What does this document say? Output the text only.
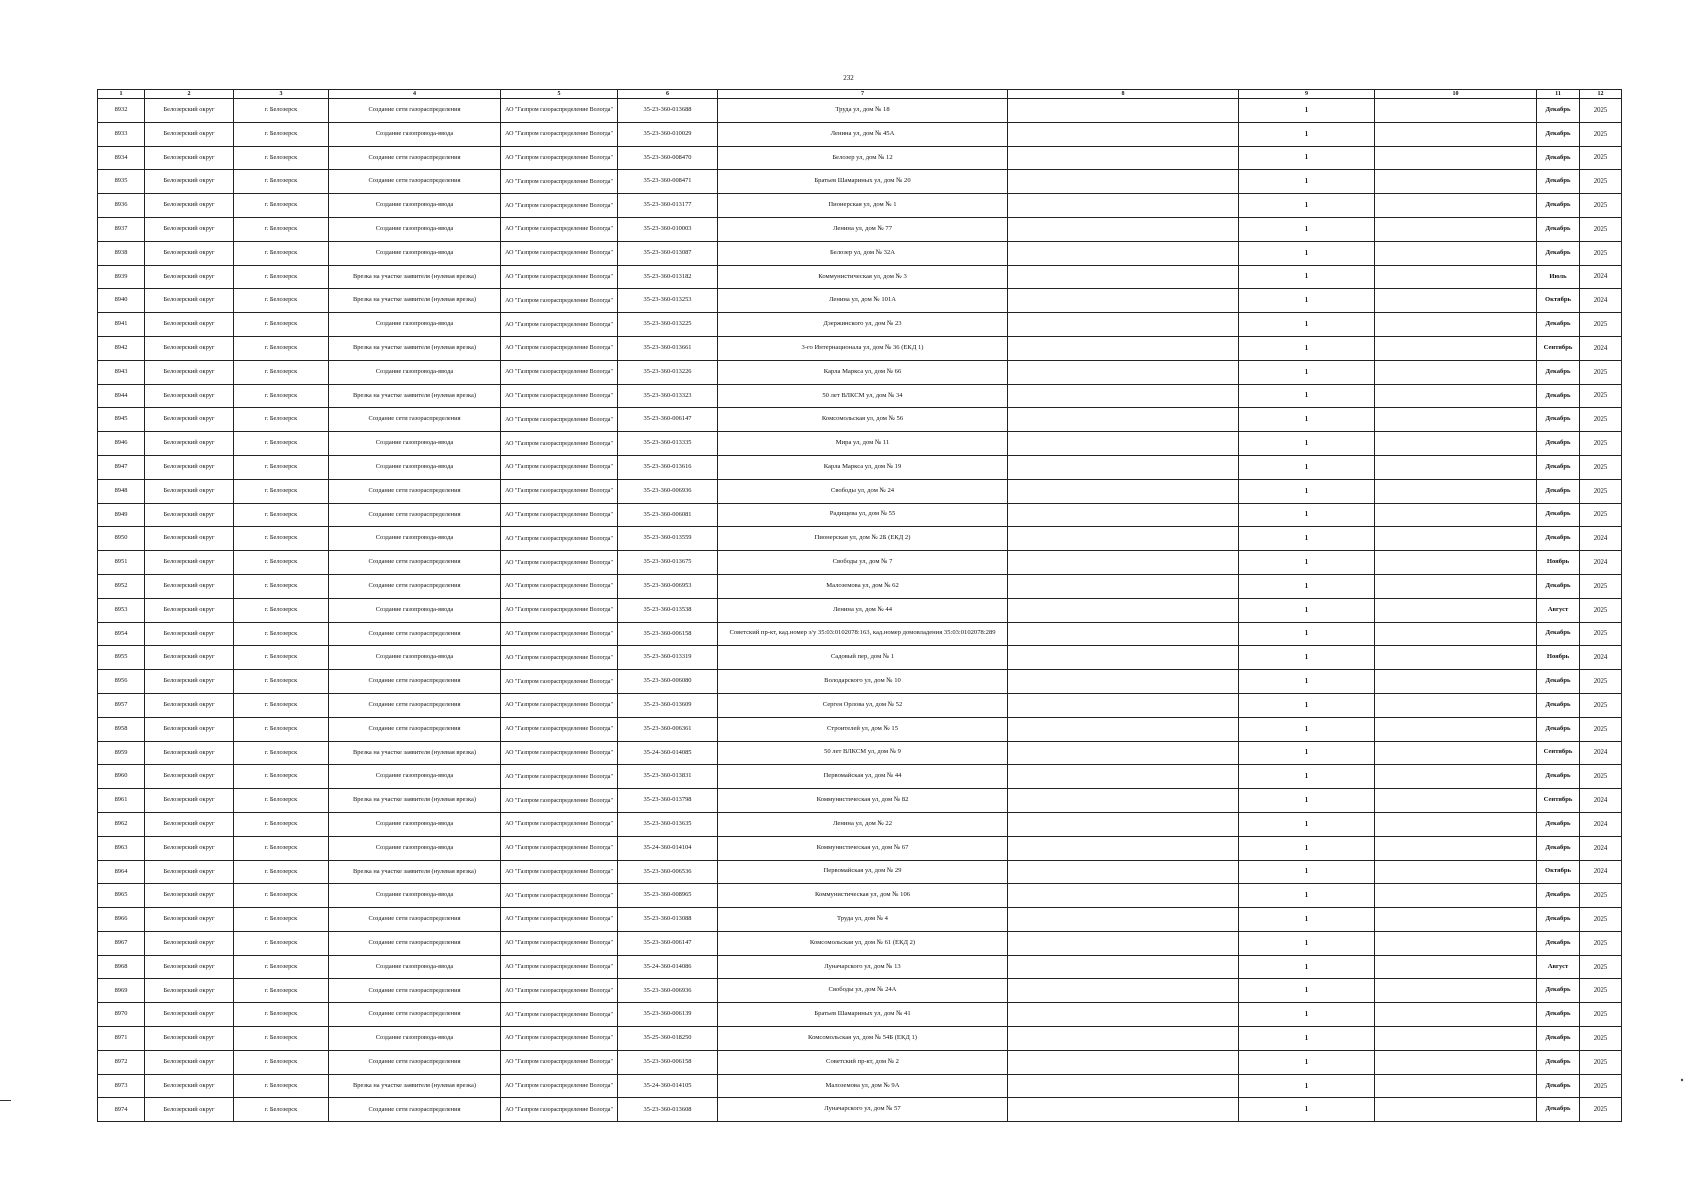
232
1	2	3	4	5	6	7	8	9	10	11	12
8932	Белозерский округ	г. Белозерск	Создание сети газораспределения	АО "Газпром газораспределение Вологда"	35-23-360-013688	Труда ул, дом № 18		1		Декабрь	2025
8933	Белозерский округ	г. Белозерск	Создание газопровода-ввода	АО "Газпром газораспределение Вологда"	35-23-360-010029	Ленина ул, дом № 45А		1		Декабрь	2025
8934	Белозерский округ	г. Белозерск	Создание сети газораспределения	АО "Газпром газораспределение Вологда"	35-23-360-008470	Белозер ул, дом № 12		1		Декабрь	2025
8935	Белозерский округ	г. Белозерск	Создание сети газораспределения	АО "Газпром газораспределение Вологда"	35-23-360-008471	Братьев Шамариных ул, дом № 20		1		Декабрь	2025
8936	Белозерский округ	г. Белозерск	Создание газопровода-ввода	АО "Газпром газораспределение Вологда"	35-23-360-013177	Пионерская ул, дом № 1		1		Декабрь	2025
8937	Белозерский округ	г. Белозерск	Создание газопровода-ввода	АО "Газпром газораспределение Вологда"	35-23-360-010003	Ленина ул, дом № 77		1		Декабрь	2025
8938	Белозерский округ	г. Белозерск	Создание газопровода-ввода	АО "Газпром газораспределение Вологда"	35-23-360-013087	Белозер ул, дом № 32А		1		Декабрь	2025
8939	Белозерский округ	г. Белозерск	Врезка на участке заявителя (нулевая врезка)	АО "Газпром газораспределение Вологда"	35-23-360-013182	Коммунистическая ул, дом № 3		1		Июль	2024
8940	Белозерский округ	г. Белозерск	Врезка на участке заявителя (нулевая врезка)	АО "Газпром газораспределение Вологда"	35-23-360-013253	Ленина ул, дом № 101А		1		Октябрь	2024
8941	Белозерский округ	г. Белозерск	Создание газопровода-ввода	АО "Газпром газораспределение Вологда"	35-23-360-013225	Дзержинского ул, дом № 23		1		Декабрь	2025
8942	Белозерский округ	г. Белозерск	Врезка на участке заявителя (нулевая врезка)	АО "Газпром газораспределение Вологда"	35-23-360-013661	3-го Интернационала ул, дом № 36 (ЕКД 1)		1		Сентябрь	2024
8943	Белозерский округ	г. Белозерск	Создание газопровода-ввода	АО "Газпром газораспределение Вологда"	35-23-360-013226	Карла Маркса ул, дом № 66		1		Декабрь	2025
8944	Белозерский округ	г. Белозерск	Врезка на участке заявителя (нулевая врезка)	АО "Газпром газораспределение Вологда"	35-23-360-013323	50 лет ВЛКСМ ул, дом № 34		1		Декабрь	2025
8945	Белозерский округ	г. Белозерск	Создание сети газораспределения	АО "Газпром газораспределение Вологда"	35-23-360-006147	Комсомольская ул, дом № 56		1		Декабрь	2025
8946	Белозерский округ	г. Белозерск	Создание газопровода-ввода	АО "Газпром газораспределение Вологда"	35-23-360-013335	Мира ул, дом № 11		1		Декабрь	2025
8947	Белозерский округ	г. Белозерск	Создание газопровода-ввода	АО "Газпром газораспределение Вологда"	35-23-360-013616	Карла Маркса ул, дом № 19		1		Декабрь	2025
8948	Белозерский округ	г. Белозерск	Создание сети газораспределения	АО "Газпром газораспределение Вологда"	35-23-360-006936	Свободы ул, дом № 24		1		Декабрь	2025
8949	Белозерский округ	г. Белозерск	Создание сети газораспределения	АО "Газпром газораспределение Вологда"	35-23-360-006081	Радищева ул, дом № 55		1		Декабрь	2025
8950	Белозерский округ	г. Белозерск	Создание газопровода-ввода	АО "Газпром газораспределение Вологда"	35-23-360-013559	Пионерская ул, дом № 2Б (ЕКД 2)		1		Декабрь	2024
8951	Белозерский округ	г. Белозерск	Создание сети газораспределения	АО "Газпром газораспределение Вологда"	35-23-360-013675	Свободы ул, дом № 7		1		Ноябрь	2024
8952	Белозерский округ	г. Белозерск	Создание сети газораспределения	АО "Газпром газораспределение Вологда"	35-23-360-006953	Малоземова ул, дом № 62		1		Декабрь	2025
8953	Белозерский округ	г. Белозерск	Создание газопровода-ввода	АО "Газпром газораспределение Вологда"	35-23-360-013538	Ленина ул, дом № 44		1		Август	2025
8954	Белозерский округ	г. Белозерск	Создание сети газораспределения	АО "Газпром газораспределение Вологда"	35-23-360-006158	Советский пр-кт, кад.номер з/у 35:03:0102078:163, кад.номер домовладения 35:03:0102078:289		1		Декабрь	2025
8955	Белозерский округ	г. Белозерск	Создание газопровода-ввода	АО "Газпром газораспределение Вологда"	35-23-360-013319	Садовый пер, дом № 1		1		Ноябрь	2024
8956	Белозерский округ	г. Белозерск	Создание сети газораспределения	АО "Газпром газораспределение Вологда"	35-23-360-006080	Володарского ул, дом № 10		1		Декабрь	2025
8957	Белозерский округ	г. Белозерск	Создание сети газораспределения	АО "Газпром газораспределение Вологда"	35-23-360-013609	Сергея Орлова ул, дом № 52		1		Декабрь	2025
8958	Белозерский округ	г. Белозерск	Создание сети газораспределения	АО "Газпром газораспределение Вологда"	35-23-360-006361	Строителей ул, дом № 15		1		Декабрь	2025
8959	Белозерский округ	г. Белозерск	Врезка на участке заявителя (нулевая врезка)	АО "Газпром газораспределение Вологда"	35-24-360-014085	50 лет ВЛКСМ ул, дом № 9		1		Сентябрь	2024
8960	Белозерский округ	г. Белозерск	Создание газопровода-ввода	АО "Газпром газораспределение Вологда"	35-23-360-013831	Первомайская ул, дом № 44		1		Декабрь	2025
8961	Белозерский округ	г. Белозерск	Врезка на участке заявителя (нулевая врезка)	АО "Газпром газораспределение Вологда"	35-23-360-013798	Коммунистическая ул, дом № 82		1		Сентябрь	2024
8962	Белозерский округ	г. Белозерск	Создание газопровода-ввода	АО "Газпром газораспределение Вологда"	35-23-360-013635	Ленина ул, дом № 22		1		Декабрь	2024
8963	Белозерский округ	г. Белозерск	Создание газопровода-ввода	АО "Газпром газораспределение Вологда"	35-24-360-014104	Коммунистическая ул, дом № 67		1		Декабрь	2024
8964	Белозерский округ	г. Белозерск	Врезка на участке заявителя (нулевая врезка)	АО "Газпром газораспределение Вологда"	35-23-360-006536	Первомайская ул, дом № 29		1		Октябрь	2024
8965	Белозерский округ	г. Белозерск	Создание газопровода-ввода	АО "Газпром газораспределение Вологда"	35-23-360-008965	Коммунистическая ул, дом № 106		1		Декабрь	2025
8966	Белозерский округ	г. Белозерск	Создание сети газораспределения	АО "Газпром газораспределение Вологда"	35-23-360-013088	Труда ул, дом № 4		1		Декабрь	2025
8967	Белозерский округ	г. Белозерск	Создание сети газораспределения	АО "Газпром газораспределение Вологда"	35-23-360-006147	Комсомольская ул, дом № 61 (ЕКД 2)		1		Декабрь	2025
8968	Белозерский округ	г. Белозерск	Создание газопровода-ввода	АО "Газпром газораспределение Вологда"	35-24-360-014086	Луначарского ул, дом № 13		1		Август	2025
8969	Белозерский округ	г. Белозерск	Создание сети газораспределения	АО "Газпром газораспределение Вологда"	35-23-360-006936	Свободы ул, дом № 24А		1		Декабрь	2025
8970	Белозерский округ	г. Белозерск	Создание сети газораспределения	АО "Газпром газораспределение Вологда"	35-23-360-006139	Братьев Шамариных ул, дом № 41		1		Декабрь	2025
8971	Белозерский округ	г. Белозерск	Создание газопровода-ввода	АО "Газпром газораспределение Вологда"	35-25-360-018250	Комсомольская ул, дом № 54Б (ЕКД 1)		1		Декабрь	2025
8972	Белозерский округ	г. Белозерск	Создание сети газораспределения	АО "Газпром газораспределение Вологда"	35-23-360-006158	Советский пр-кт, дом № 2		1		Декабрь	2025
8973	Белозерский округ	г. Белозерск	Врезка на участке заявителя (нулевая врезка)	АО "Газпром газораспределение Вологда"	35-24-360-014105	Малоземова ул, дом № 9А		1		Декабрь	2025
8974	Белозерский округ	г. Белозерск	Создание сети газораспределения	АО "Газпром газораспределение Вологда"	35-23-360-013608	Луначарского ул, дом № 57		1		Декабрь	2025
